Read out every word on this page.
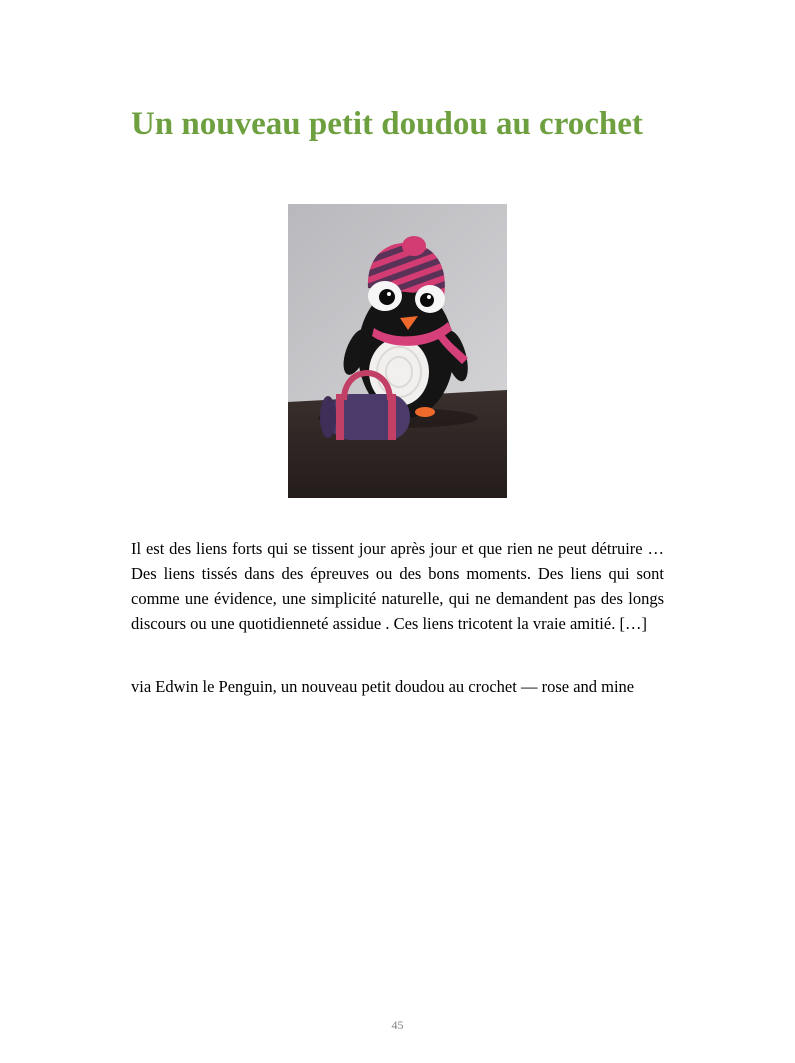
Un nouveau petit doudou au crochet

Il est des liens forts qui se tissent jour après jour et que rien ne peut détruire … Des liens tissés dans des épreuves ou des bons moments. Des liens qui sont comme une évidence, une simplicité naturelle, qui ne demandent pas des longs discours ou une quotidienneté assidue . Ces liens tricotent la vraie amitié. […]

via Edwin le Penguin, un nouveau petit doudou au crochet — rose and mine

45
